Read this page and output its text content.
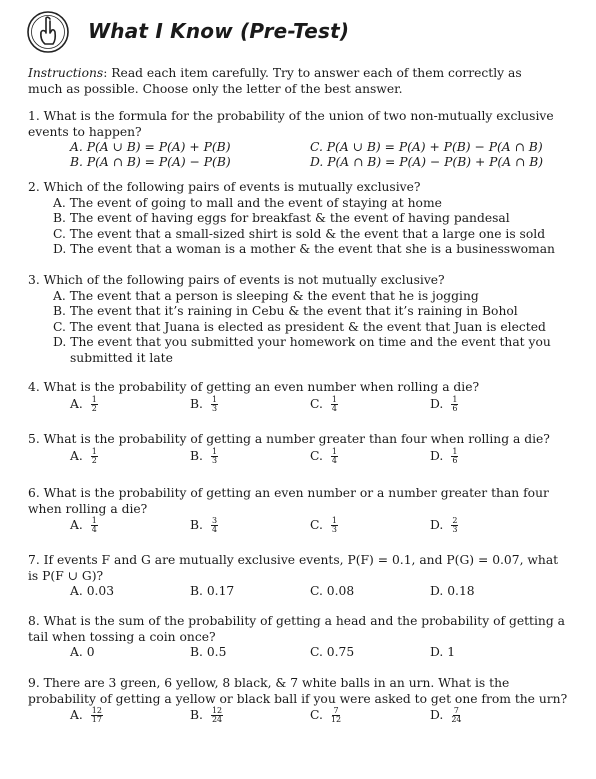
What I Know (Pre-Test)
Instructions: Read each item carefully. Try to answer each of them correctly as much as possible. Choose only the letter of the best answer.

1. What is the formula for the probability of the union of two non-mutually exclusive events to happen?

A. P(A ∪ B) = P(A) + P(B)	C. P(A ∪ B) = P(A) + P(B) − P(A ∩ B)
B. P(A ∩ B) = P(A) − P(B)	D. P(A ∩ B) = P(A) − P(B) + P(A ∩ B)

2. Which of the following pairs of events is mutually exclusive?

A. The event of going to mall and the event of staying at home
B. The event of having eggs for breakfast & the event of having pandesal
C. The event that a small-sized shirt is sold & the event that a large one is sold
D. The event that a woman is a mother & the event that she is a businesswoman

3. Which of the following pairs of events is not mutually exclusive?

A. The event that a person is sleeping & the event that he is jogging
B. The event that it’s raining in Cebu & the event that it’s raining in Bohol
C. The event that Juana is elected as president & the event that Juan is elected
D. The event that you submitted your homework on time and the event that you submitted it late

4. What is the probability of getting an even number when rolling a die?

A. $\frac{1}{2}$	B. $\frac{1}{3}$	C. $\frac{1}{4}$	D. $\frac{1}{6}$

5. What is the probability of getting a number greater than four when rolling a die?

A. $\frac{1}{2}$	B. $\frac{1}{3}$	C. $\frac{1}{4}$	D. $\frac{1}{6}$

6. What is the probability of getting an even number or a number greater than four when rolling a die?

A. $\frac{1}{4}$	B. $\frac{3}{4}$	C. $\frac{1}{3}$	D. $\frac{2}{3}$

7. If events F and G are mutually exclusive events, P(F) = 0.1, and P(G) = 0.07, what is P(F ∪ G)?

A. 0.03	B. 0.17	C. 0.08	D. 0.18

8. What is the sum of the probability of getting a head and the probability of getting a tail when tossing a coin once?

A. 0	B. 0.5	C. 0.75	D. 1

9. There are 3 green, 6 yellow, 8 black, & 7 white balls in an urn. What is the probability of getting a yellow or black ball if you were asked to get one from the urn?

A. $\frac{12}{17}$	B. $\frac{12}{24}$	C. $\frac{7}{12}$	D. $\frac{7}{24}$
